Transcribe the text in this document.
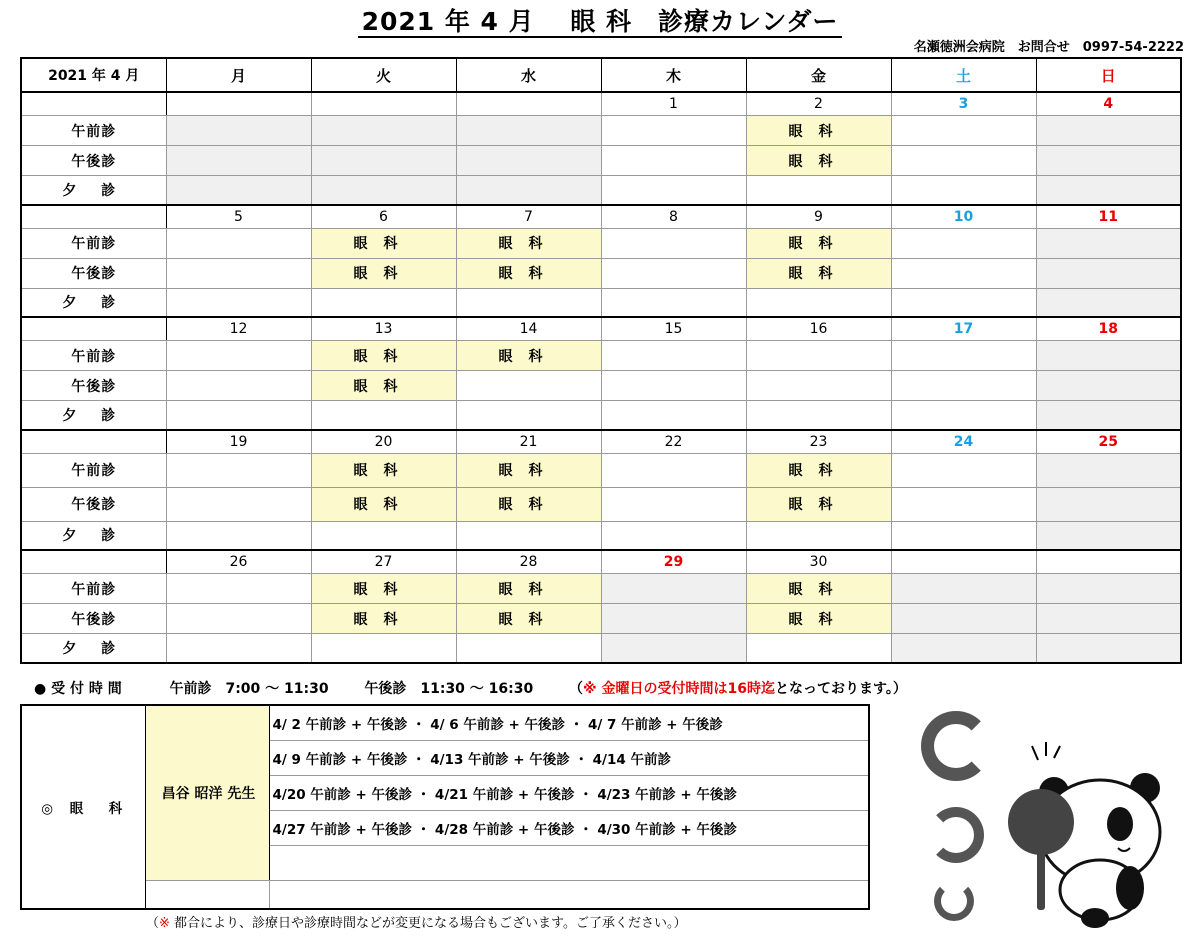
2021 年 4 月　 眼 科　診療カレンダー
名瀬徳洲会病院　お問合せ　0997-54-2222
2021 年 4 月	月	火	水	木	金	土	日
				1	2	3	4
午前診					眼科		
午後診					眼科		
夕 診							
	5	6	7	8	9	10	11
午前診		眼科	眼科		眼科		
午後診		眼科	眼科		眼科		
夕 診							
	12	13	14	15	16	17	18
午前診		眼科	眼科				
午後診		眼科					
夕 診							
	19	20	21	22	23	24	25
午前診		眼科	眼科		眼科		
午後診		眼科	眼科		眼科		
夕 診							
	26	27	28	29	30		
午前診		眼科	眼科		眼科		
午後診		眼科	眼科		眼科		
夕 診							
● 受 付 時 間	午前診　7:00 〜 11:30	午後診　11:30 〜 16:30	（※ 金曜日の受付時間は16時迄となっております。）
◎ 眼　科	昌谷 昭洋 先生	4/ 2 午前診 + 午後診 ・ 4/ 6 午前診 + 午後診 ・ 4/ 7 午前診 + 午後診
		4/ 9 午前診 + 午後診 ・ 4/13 午前診 + 午後診 ・ 4/14 午前診
		4/20 午前診 + 午後診 ・ 4/21 午前診 + 午後診 ・ 4/23 午前診 + 午後診
		4/27 午前診 + 午後診 ・ 4/28 午前診 + 午後診 ・ 4/30 午前診 + 午後診

（※ 都合により、診療日や診療時間などが変更になる場合もございます。ご了承ください。）
